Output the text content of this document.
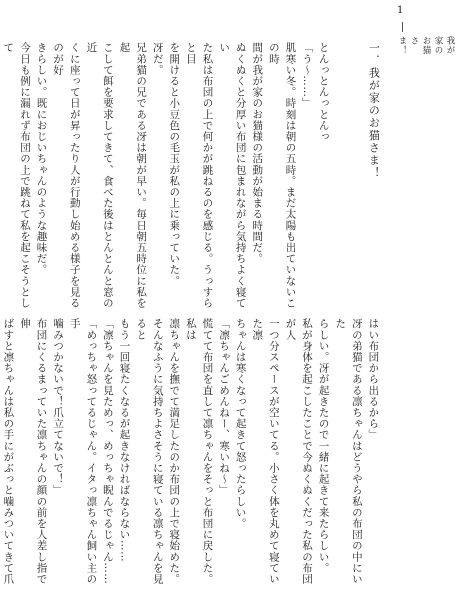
1
我が家のお猫さま！

一．我が家のお猫さま！

とんっとんっとんっ
「う～……」
肌寒い冬。時刻は朝の五時。まだ太陽も出ていないこの時
間が我が家のお猫様の活動が始まる時間だ。
ぬくぬくと分厚い布団に包まれながら気持ちよく寝てい
た私は布団の上で何かが跳ねるのを感じる。うっすらと目
を開けると小豆色の毛玉が私の上に乗っていた。
冴だ。
兄弟猫の兄である冴は朝が早い。毎日朝五時位に私を起
こして餌を要求してきて、食べた後はとんとんと窓の近
くに座って日が昇ったり人が行動し始める様子を見るのが好
きらしい。既におじいちゃんのような趣味だ。
今日も例に漏れず布団の上で跳ねて私を起こそうとして

はい布団から出るから」
冴の弟猫である凛ちゃんはどうやら私の布団の中にいた
らしい。冴が起きたので一緒に起きて来たらしい。
私が身体を起こしたことで今ぬくぬくだった私の布団が人
一つ分スペースが空いてる。小さく体を丸めて寝ていた凛
ちゃんは寒くなって起きて怒ったらしい。
「凛ちゃんごめんねー、寒いね～」
慌てて布団を直して凛ちゃんをそっと布団に戻した。私は
凛ちゃんを撫でて満足したのか布団の上で寝始めた。
そんなふうに気持ちよさそうに寝ている凛ちゃんを見ると
もう一回寝たくなるが起きなければならない……
「凛ちゃんを見ためっ、めっちゃ睨んでるじゃん……
「めっちゃ怒ってるじゃん。イタっ凛ちゃん飼い主の手
噛みつかないで！爪立てないで！」
布団にくるまっていた凛ちゃんの顔の前を人差し指で伸
ばすと凛ちゃんは私の手にがぶっと噛みついてきて爪
